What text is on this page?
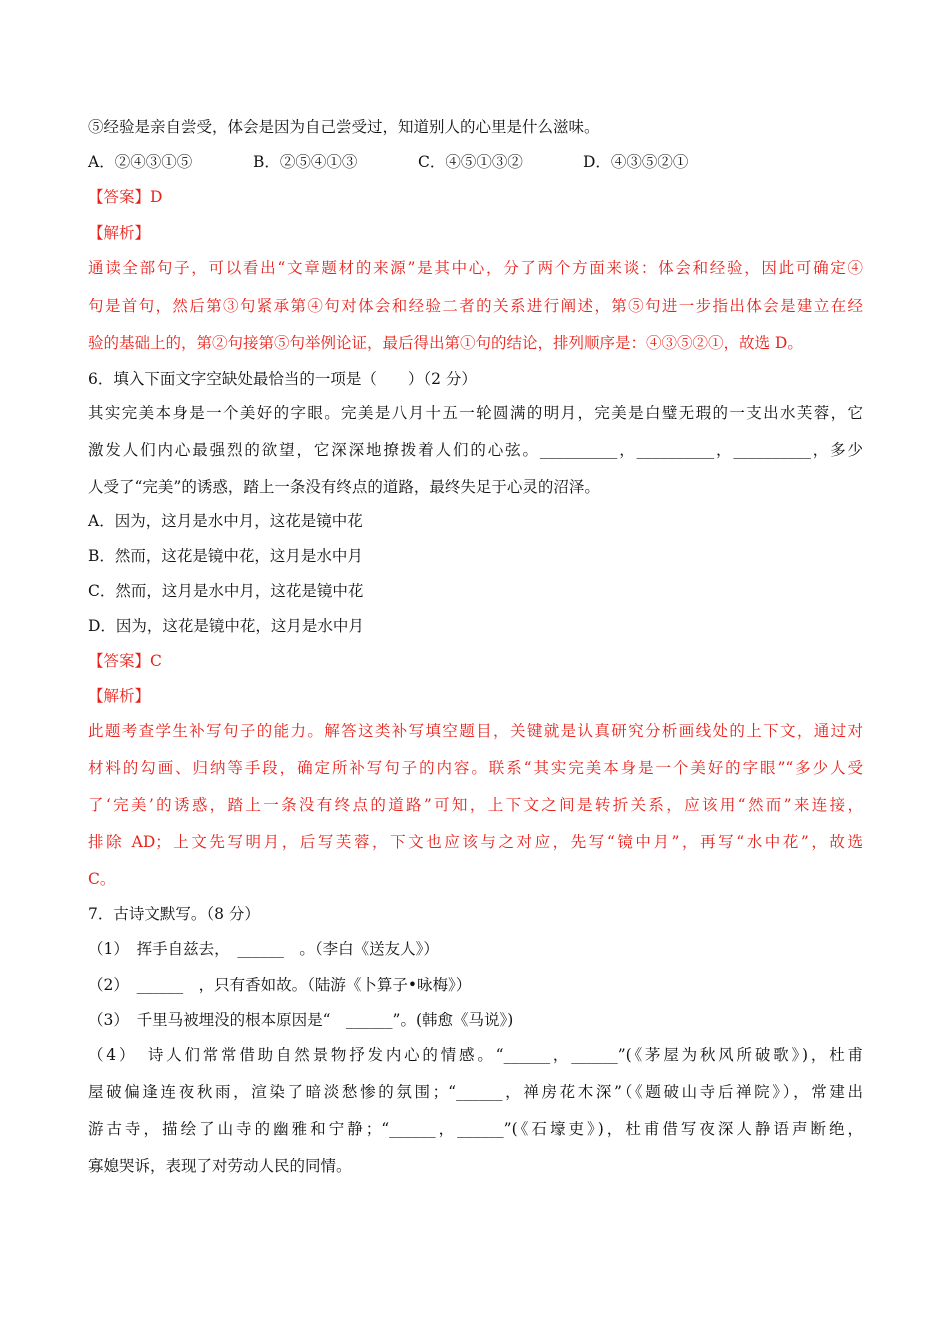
⑤经验是亲自尝受，体会是因为自己尝受过，知道别人的心里是什么滋味。
A．②④③①⑤	B．②⑤④①③	C．④⑤①③②	D．④③⑤②①
【答案】D
【解析】
通读全部句子，可以看出“文章题材的来源”是其中心，分了两个方面来谈：体会和经验，因此可确定④
句是首句，然后第③句紧承第④句对体会和经验二者的关系进行阐述，第⑤句进一步指出体会是建立在经
验的基础上的，第②句接第⑤句举例论证，最后得出第①句的结论，排列顺序是：④③⑤②①，故选 D。
6．填入下面文字空缺处最恰当的一项是（　　）（2 分）
其实完美本身是一个美好的字眼。完美是八月十五一轮圆满的明月，完美是白璧无瑕的一支出水芙蓉，它
激发人们内心最强烈的欲望，它深深地撩拨着人们的心弦。__________，__________，__________，多少
人受了“完美”的诱惑，踏上一条没有终点的道路，最终失足于心灵的沼泽。
A．因为，这月是水中月，这花是镜中花
B．然而，这花是镜中花，这月是水中月
C．然而，这月是水中月，这花是镜中花
D．因为，这花是镜中花，这月是水中月
【答案】C
【解析】
此题考查学生补写句子的能力。解答这类补写填空题目，关键就是认真研究分析画线处的上下文，通过对
材料的勾画、归纳等手段，确定所补写句子的内容。联系“其实完美本身是一个美好的字眼”“多少人受
了‘完美’的诱惑，踏上一条没有终点的道路”可知，上下文之间是转折关系，应该用“然而”来连接，
排除 AD；上文先写明月，后写芙蓉，下文也应该与之对应，先写“镜中月”，再写“水中花”，故选
C。
7．古诗文默写。（8 分）
（1）　挥手自兹去，　______　。（李白《送友人》）
（2）　______　，只有香如故。（陆游《卜算子•咏梅》）
（3）　千里马被埋没的根本原因是“　______”。(韩愈《马说》)
（4）　诗人们常常借助自然景物抒发内心的情感。“______，______”(《茅屋为秋风所破歌》)，杜甫
屋破偏逢连夜秋雨，渲染了暗淡愁惨的氛围；“______，禅房花木深”（《题破山寺后禅院》），常建出
游古寺，描绘了山寺的幽雅和宁静；“______，______”(《石壕吏》)，杜甫借写夜深人静语声断绝，
寡媳哭诉，表现了对劳动人民的同情。
